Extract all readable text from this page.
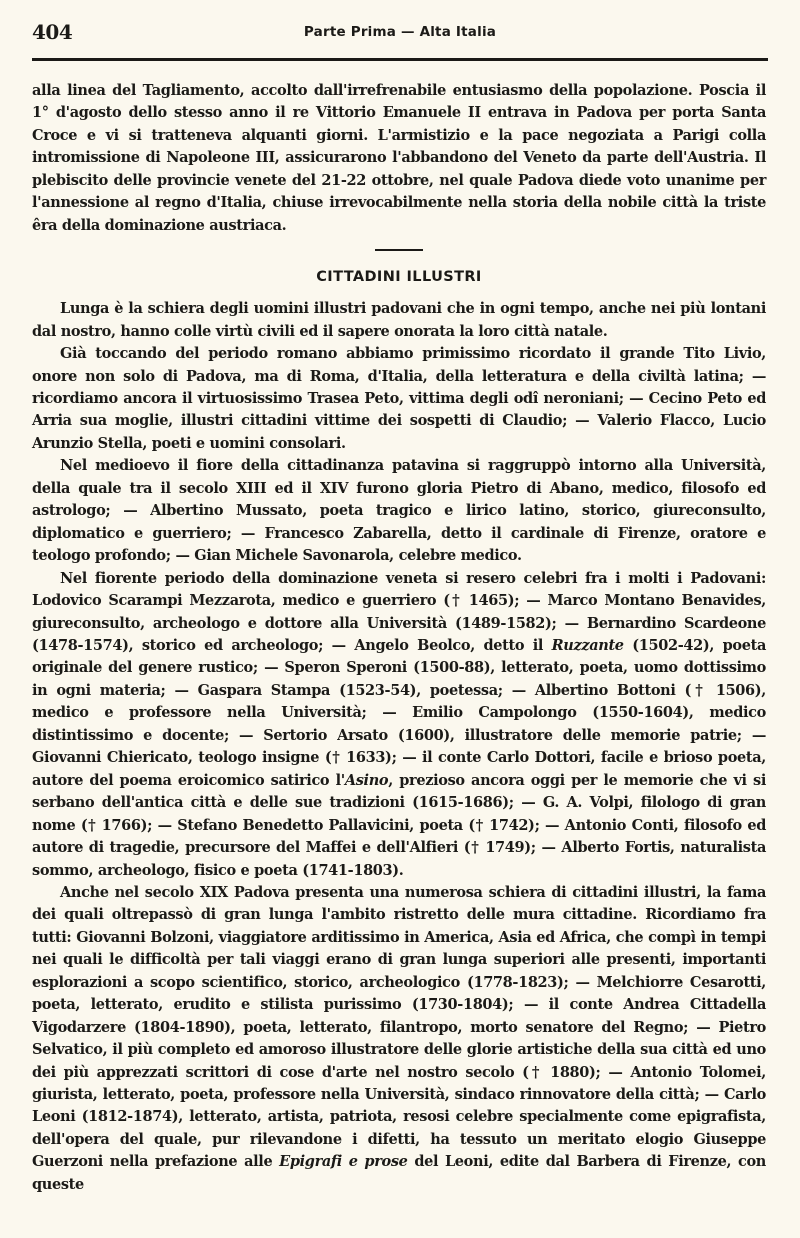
404	Parte Prima — Alta Italia

alla linea del Tagliamento, accolto dall'irrefrenabile entusiasmo della popolazione. Poscia il 1° d'agosto dello stesso anno il re Vittorio Emanuele II entrava in Padova per porta Santa Croce e vi si tratteneva alquanti giorni. L'armistizio e la pace negoziata a Parigi colla intromissione di Napoleone III, assicurarono l'abbandono del Veneto da parte dell'Austria. Il plebiscito delle provincie venete del 21-22 ottobre, nel quale Padova diede voto unanime per l'annessione al regno d'Italia, chiuse irrevocabilmente nella storia della nobile città la triste êra della dominazione austriaca.

CITTADINI ILLUSTRI

Lunga è la schiera degli uomini illustri padovani che in ogni tempo, anche nei più lontani dal nostro, hanno colle virtù civili ed il sapere onorata la loro città natale.

Già toccando del periodo romano abbiamo primissimo ricordato il grande Tito Livio, onore non solo di Padova, ma di Roma, d'Italia, della letteratura e della civiltà latina; — ricordiamo ancora il virtuosissimo Trasea Peto, vittima degli odî neroniani; — Cecino Peto ed Arria sua moglie, illustri cittadini vittime dei sospetti di Claudio; — Valerio Flacco, Lucio Arunzio Stella, poeti e uomini consolari.

Nel medioevo il fiore della cittadinanza patavina si raggruppò intorno alla Università, della quale tra il secolo XIII ed il XIV furono gloria Pietro di Abano, medico, filosofo ed astrologo; — Albertino Mussato, poeta tragico e lirico latino, storico, giureconsulto, diplomatico e guerriero; — Francesco Zabarella, detto il cardinale di Firenze, oratore e teologo profondo; — Gian Michele Savonarola, celebre medico.

Nel fiorente periodo della dominazione veneta si resero celebri fra i molti i Padovani: Lodovico Scarampi Mezzarota, medico e guerriero († 1465); — Marco Montano Benavides, giureconsulto, archeologo e dottore alla Università (1489-1582); — Bernardino Scardeone (1478-1574), storico ed archeologo; — Angelo Beolco, detto il Ruzzante (1502-42), poeta originale del genere rustico; — Speron Speroni (1500-88), letterato, poeta, uomo dottissimo in ogni materia; — Gaspara Stampa (1523-54), poetessa; — Albertino Bottoni († 1506), medico e professore nella Università; — Emilio Campolongo (1550-1604), medico distintissimo e docente; — Sertorio Arsato (1600), illustratore delle memorie patrie; — Giovanni Chiericato, teologo insigne († 1633); — il conte Carlo Dottori, facile e brioso poeta, autore del poema eroicomico satirico l'Asino, prezioso ancora oggi per le memorie che vi si serbano dell'antica città e delle sue tradizioni (1615-1686); — G. A. Volpi, filologo di gran nome († 1766); — Stefano Benedetto Pallavicini, poeta († 1742); — Antonio Conti, filosofo ed autore di tragedie, precursore del Maffei e dell'Alfieri († 1749); — Alberto Fortis, naturalista sommo, archeologo, fisico e poeta (1741-1803).

Anche nel secolo XIX Padova presenta una numerosa schiera di cittadini illustri, la fama dei quali oltrepassò di gran lunga l'ambito ristretto delle mura cittadine. Ricordiamo fra tutti: Giovanni Bolzoni, viaggiatore arditissimo in America, Asia ed Africa, che compì in tempi nei quali le difficoltà per tali viaggi erano di gran lunga superiori alle presenti, importanti esplorazioni a scopo scientifico, storico, archeologico (1778-1823); — Melchiorre Cesarotti, poeta, letterato, erudito e stilista purissimo (1730-1804); — il conte Andrea Cittadella Vigodarzere (1804-1890), poeta, letterato, filantropo, morto senatore del Regno; — Pietro Selvatico, il più completo ed amoroso illustratore delle glorie artistiche della sua città ed uno dei più apprezzati scrittori di cose d'arte nel nostro secolo († 1880); — Antonio Tolomei, giurista, letterato, poeta, professore nella Università, sindaco rinnovatore della città; — Carlo Leoni (1812-1874), letterato, artista, patriota, resosi celebre specialmente come epigrafista, dell'opera del quale, pur rilevandone i difetti, ha tessuto un meritato elogio Giuseppe Guerzoni nella prefazione alle Epigrafi e prose del Leoni, edite dal Barbera di Firenze, con queste
